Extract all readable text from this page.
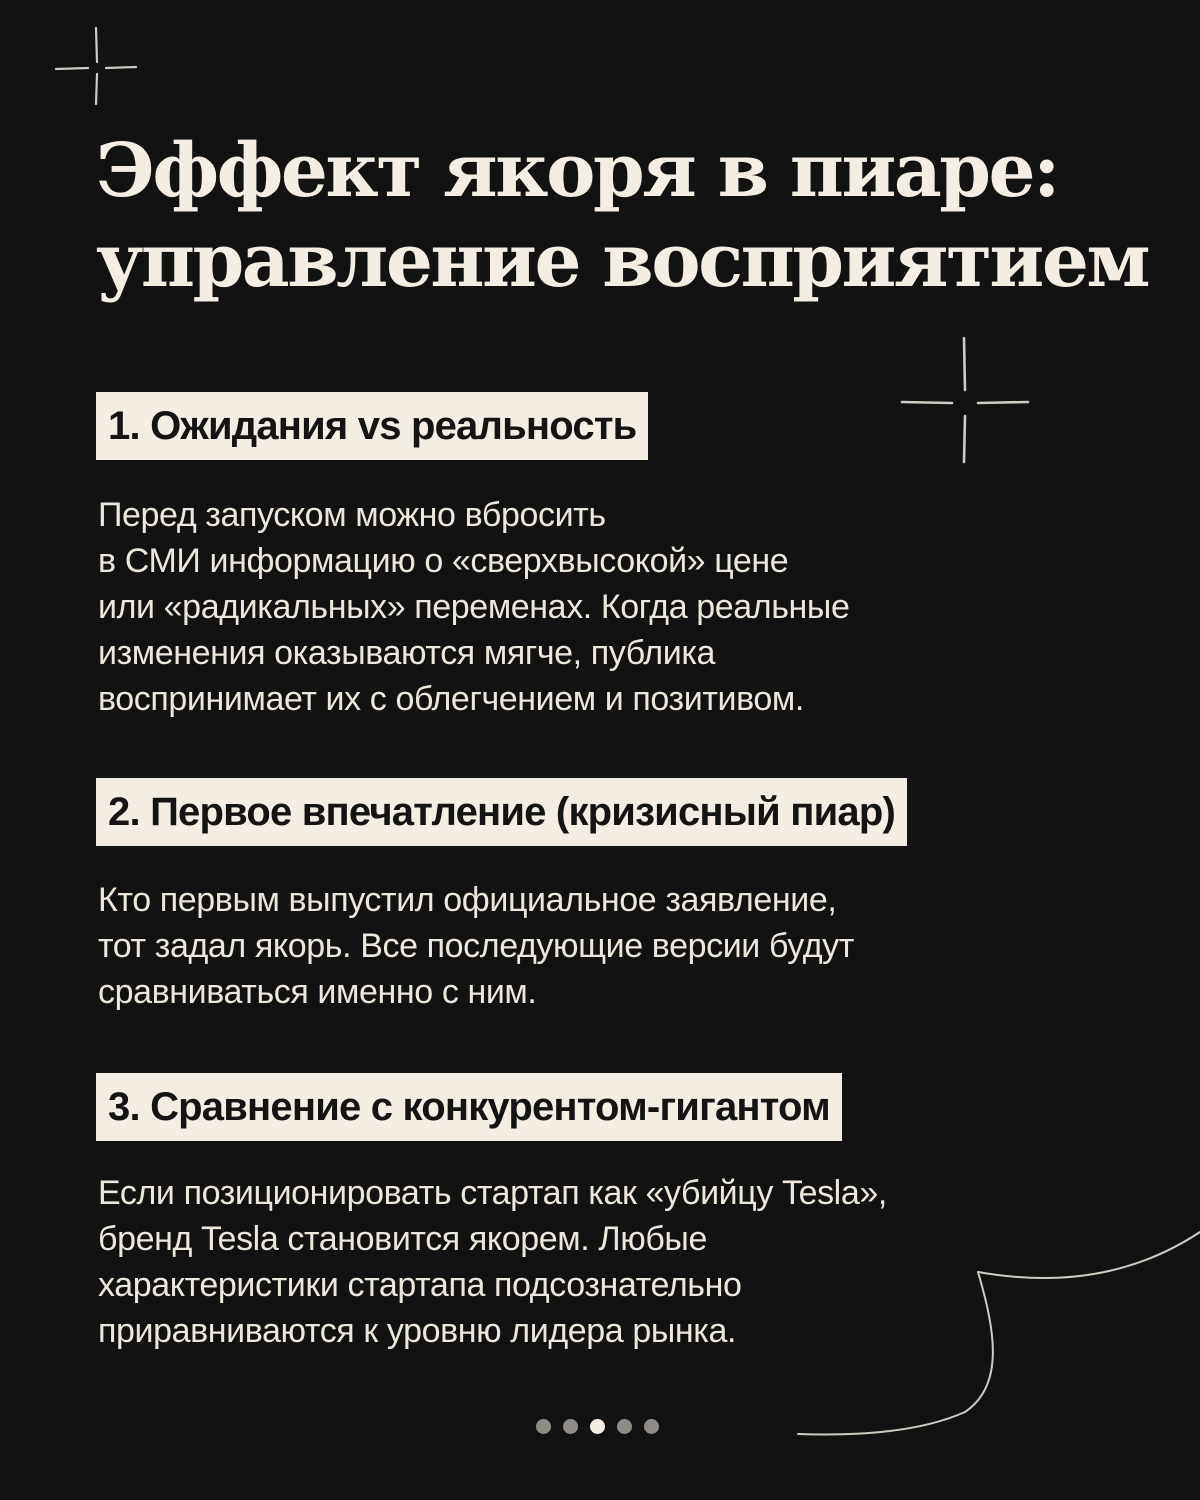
Эффект якоря в пиаре:
управление восприятием
1. Ожидания vs реальность

Перед запуском можно вбросить
в СМИ информацию о «сверхвысокой» цене
или «радикальных» переменах. Когда реальные
изменения оказываются мягче, публика
воспринимает их с облегчением и позитивом.

2. Первое впечатление (кризисный пиар)

Кто первым выпустил официальное заявление,
тот задал якорь. Все последующие версии будут
сравниваться именно с ним.

3. Сравнение с конкурентом-гигантом

Если позиционировать стартап как «убийцу Tesla»,
бренд Tesla становится якорем. Любые
характеристики стартапа подсознательно
приравниваются к уровню лидера рынка.
